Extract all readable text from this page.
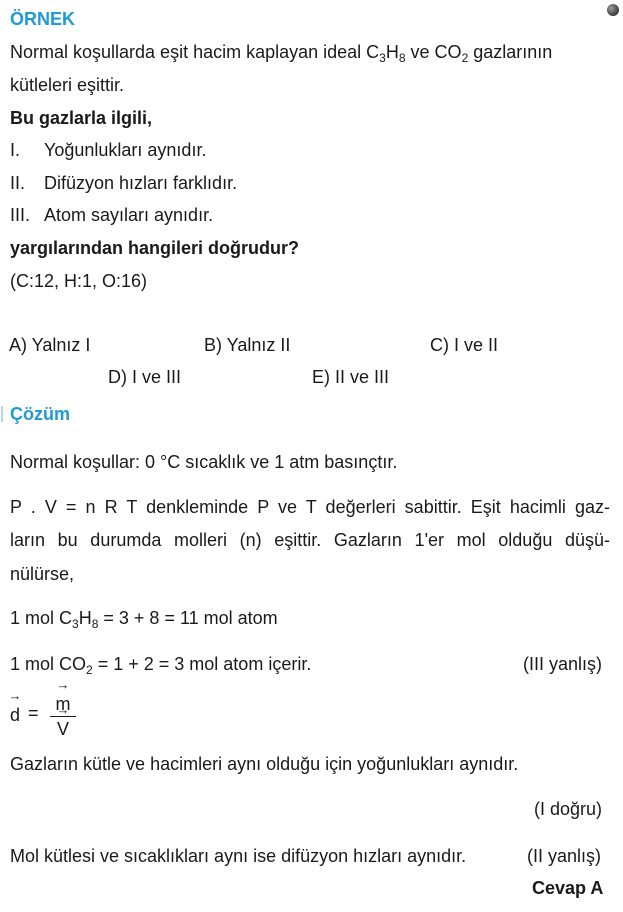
ÖRNEK
Normal koşullarda eşit hacim kaplayan ideal $C_3H_8$ ve $CO_2$ gazlarının
kütleleri eşittir.
Bu gazlarla ilgili,
I. Yoğunlukları aynıdır.
II. Difüzyon hızları farklıdır.
III. Atom sayıları aynıdır.
yargılarından hangileri doğrudur?
(C:12, H:1, O:16)
A) Yalnız I	B) Yalnız II	C) I ve II
D) I ve III	E) II ve III
Çözüm
Normal koşullar: 0 °C sıcaklık ve 1 atm basınçtır.
P . V = n R T denkleminde P ve T değerleri sabittir. Eşit hacimli gaz-
ların bu durumda molleri (n) eşittir. Gazların 1'er mol olduğu düşü-
nülürse,
1 mol $C_3H_8 = 3 + 8 = 11$ mol atom
1 mol $CO_2 = 1 + 2 = 3$ mol atom içerir.	(III yanlış)
→ d =
→ m
→ V
Gazların kütle ve hacimleri aynı olduğu için yoğunlukları aynıdır.
(I doğru)
Mol kütlesi ve sıcaklıkları aynı ise difüzyon hızları aynıdır.	(II yanlış)
Cevap A
